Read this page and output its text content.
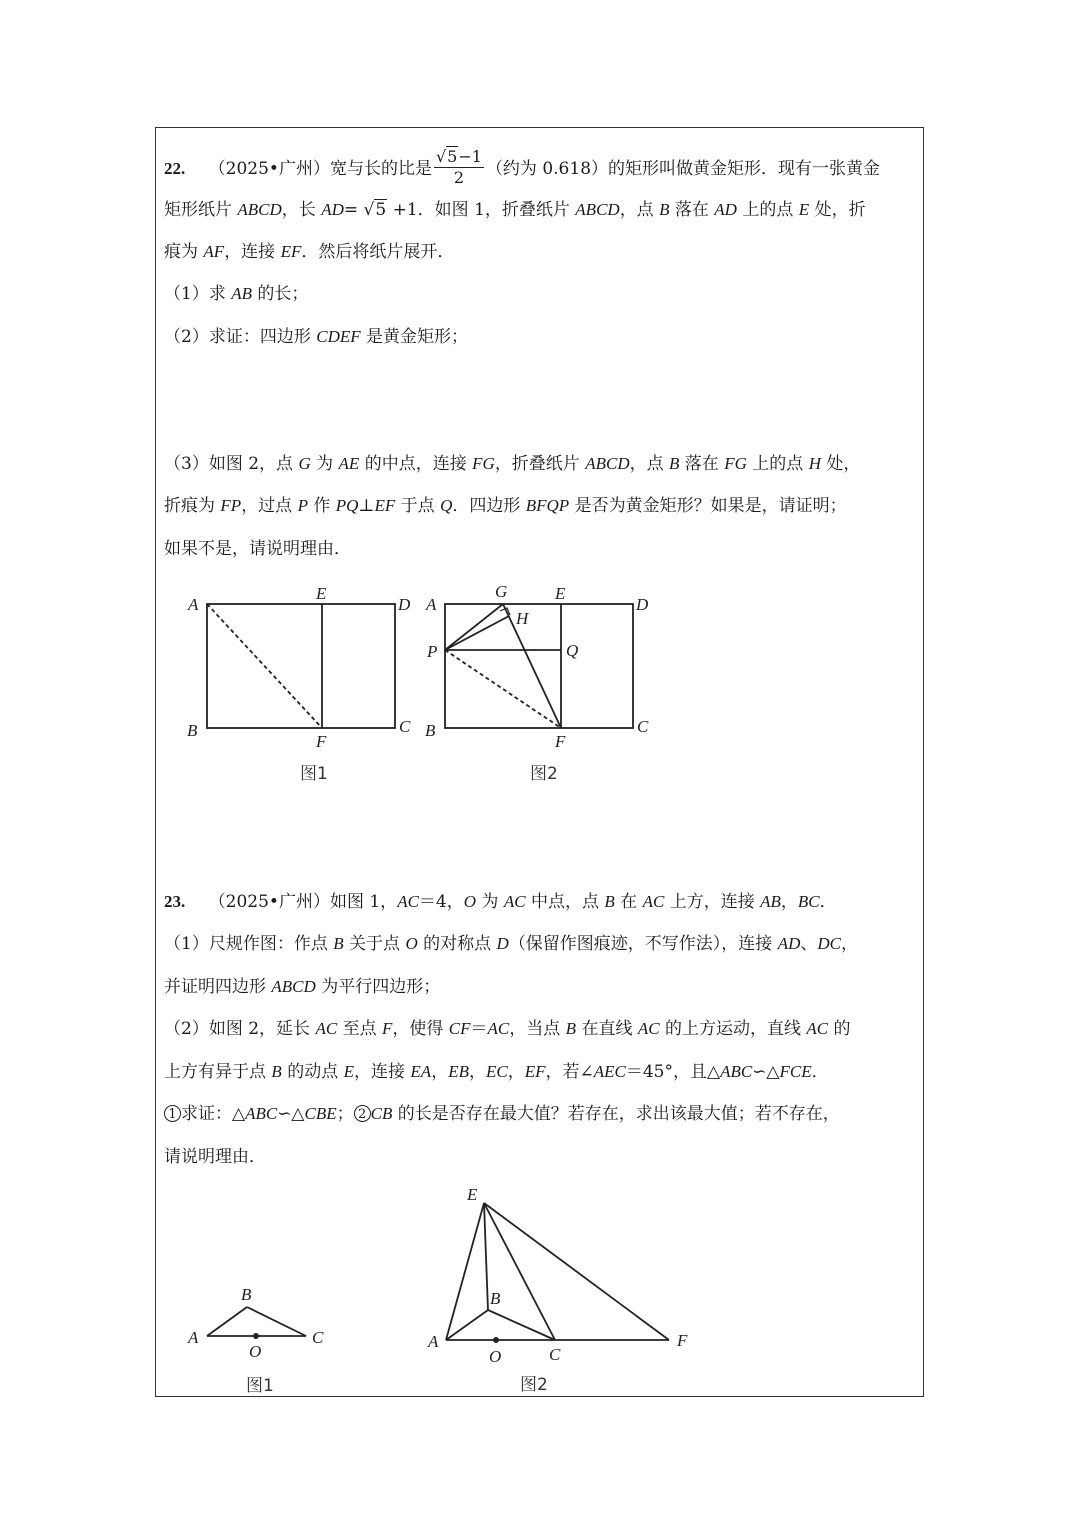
22. （2025•广州）宽与长的比是 $\frac{√5-1}{2}$ （约为 0.618）的矩形叫做黄金矩形．现有一张黄金
矩形纸片 ABCD，长 AD= √5 +1．如图 1，折叠纸片 ABCD，点 B 落在 AD 上的点 E 处，折
痕为 AF，连接 EF．然后将纸片展开．
（1）求 AB 的长；
（2）求证：四边形 CDEF 是黄金矩形；
（3）如图 2，点 G 为 AE 的中点，连接 FG，折叠纸片 ABCD，点 B 落在 FG 上的点 H 处，
折痕为 FP，过点 P 作 PQ⊥EF 于点 Q．四边形 BFQP 是否为黄金矩形？如果是，请证明；
如果不是，请说明理由．
A
E
D
B
F
C
图1
A
G	E
D
H
P	Q
B
F
C
图2
23. （2025•广州）如图 1，AC＝4，O 为 AC 中点，点 B 在 AC 上方，连接 AB，BC．
（1）尺规作图：作点 B 关于点 O 的对称点 D（保留作图痕迹，不写作法），连接 AD、DC，
并证明四边形 ABCD 为平行四边形；
（2）如图 2，延长 AC 至点 F，使得 CF＝AC，当点 B 在直线 AC 的上方运动，直线 AC 的
上方有异于点 B 的动点 E，连接 EA，EB，EC，EF，若∠AEC＝45°，且△ABC∽△FCE．
1 求证：△ABC∽△CBE； 2 CB 的长是否存在最大值？若存在，求出该最大值；若不存在，
请说明理由．
A
B
C
O
图1
E
B
A
O	C
F
图2
